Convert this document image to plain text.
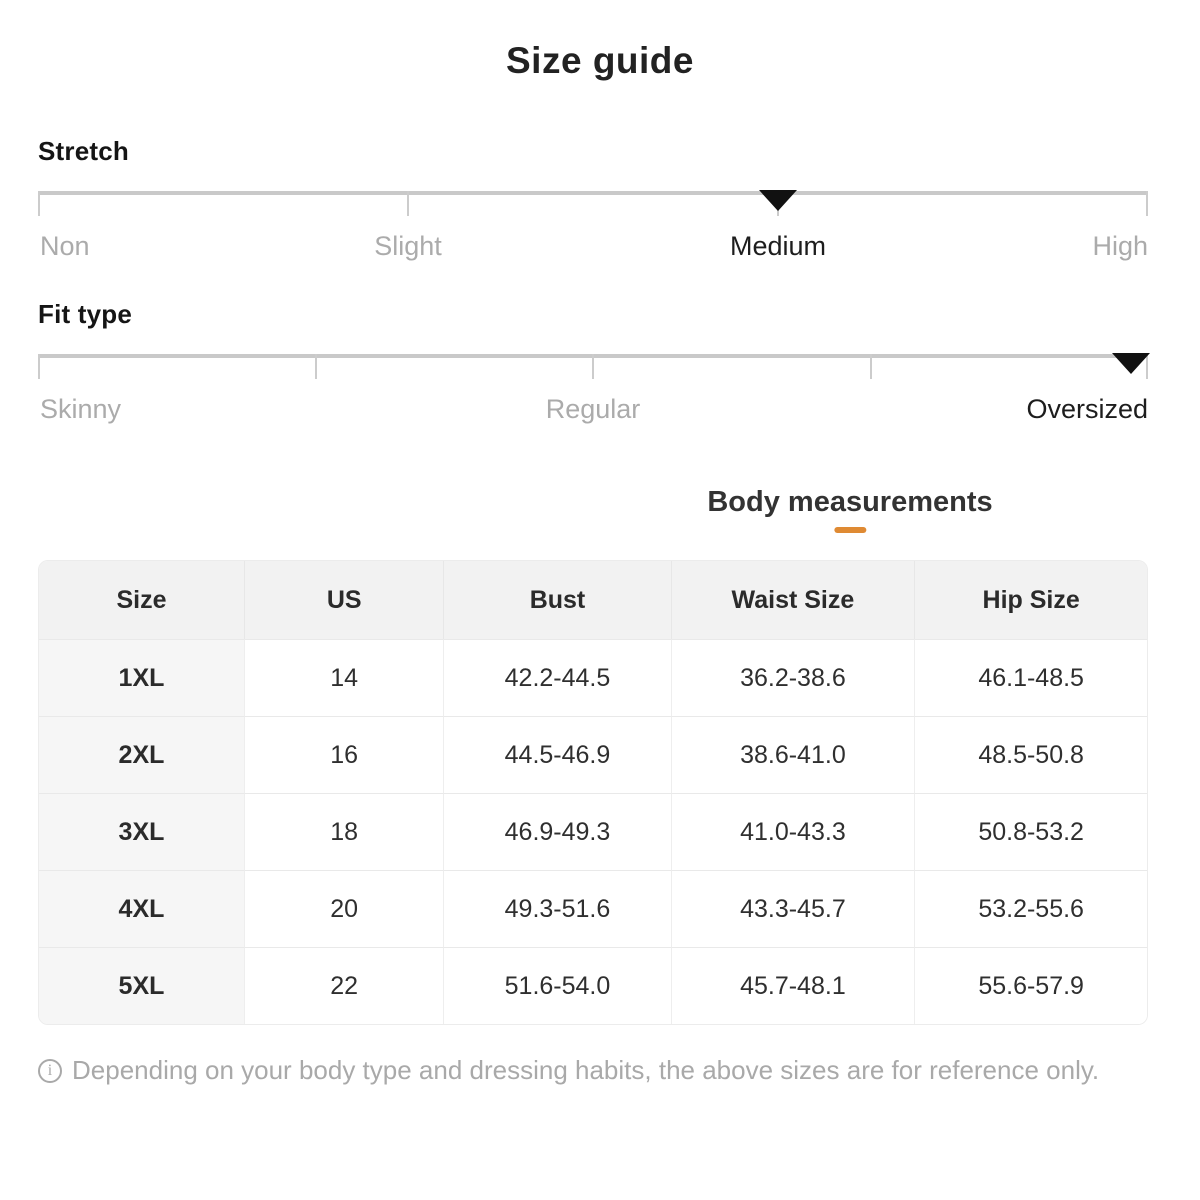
Size guide
Stretch
Non	Slight	Medium	High
Fit type
Skinny	Regular	Oversized
Body measurements
Size	US	Bust	Waist Size	Hip Size
1XL	14	42.2-44.5	36.2-38.6	46.1-48.5
2XL	16	44.5-46.9	38.6-41.0	48.5-50.8
3XL	18	46.9-49.3	41.0-43.3	50.8-53.2
4XL	20	49.3-51.6	43.3-45.7	53.2-55.6
5XL	22	51.6-54.0	45.7-48.1	55.6-57.9
i Depending on your body type and dressing habits, the above sizes are for reference only.
